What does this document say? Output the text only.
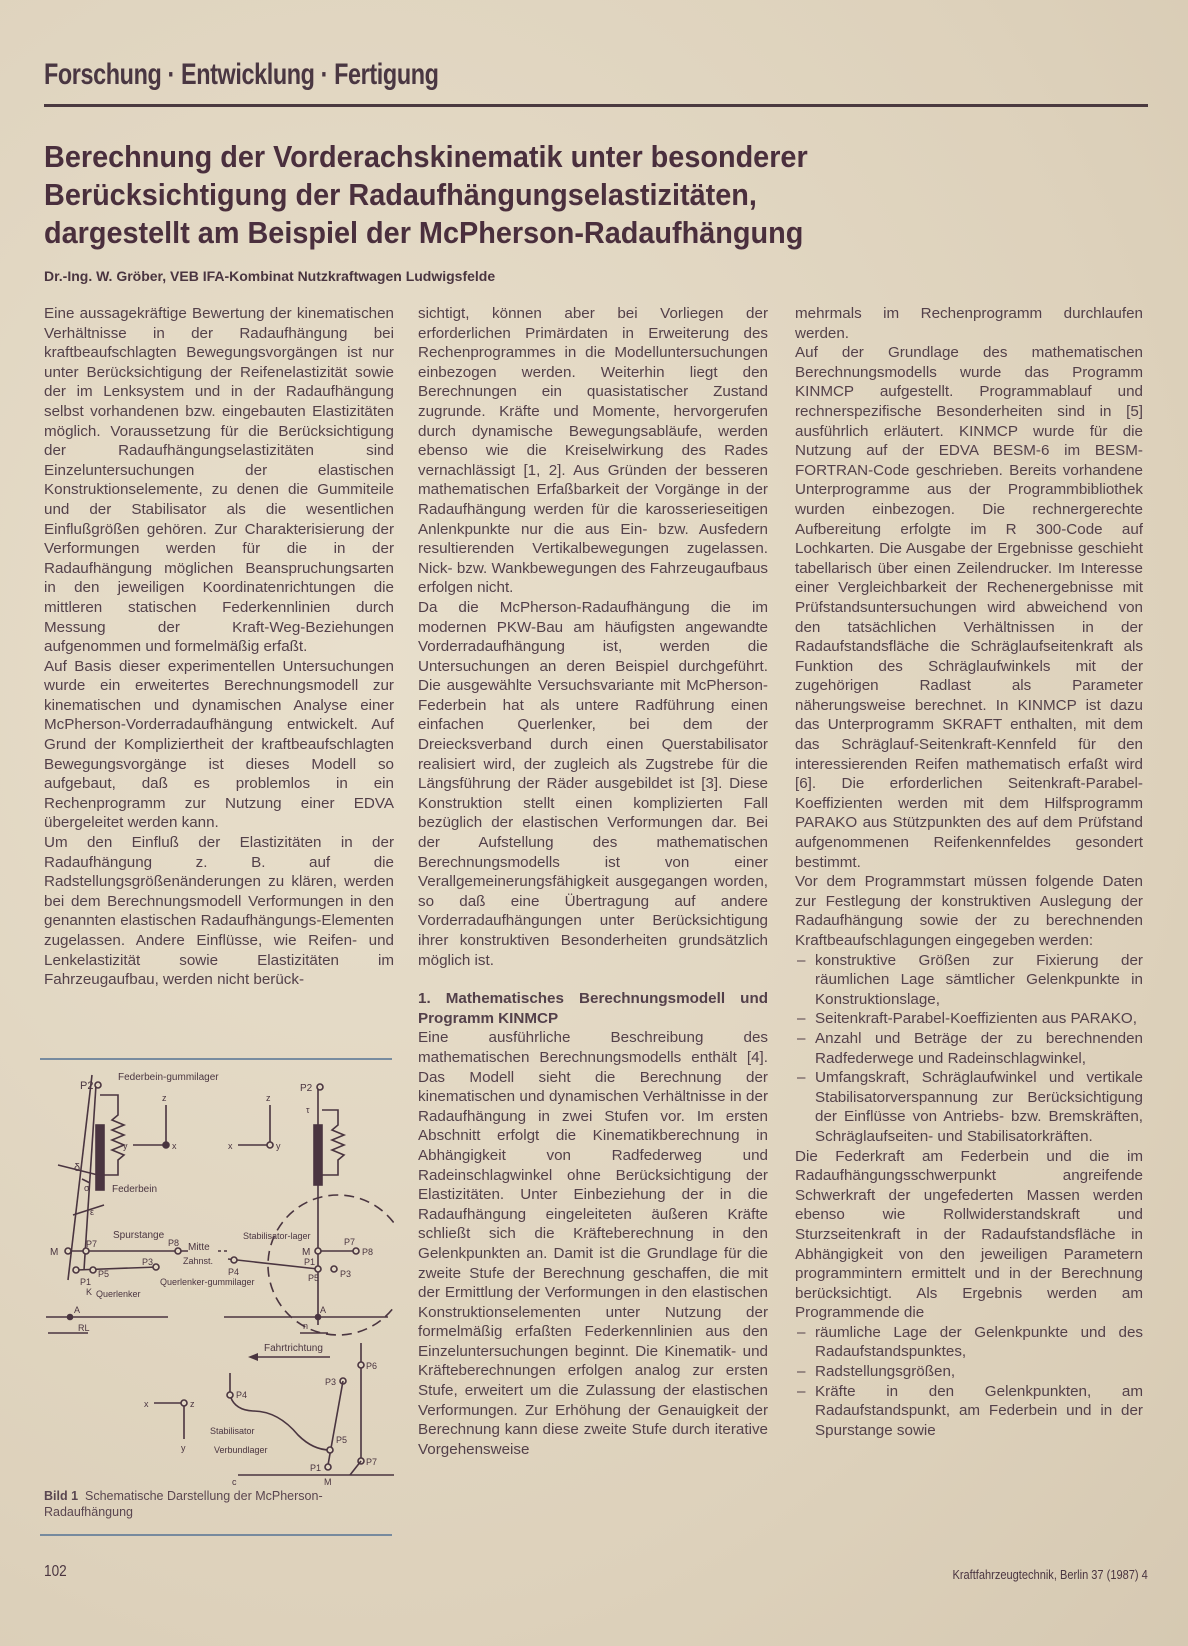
Forschung · Entwicklung · Fertigung
Berechnung der Vorderachskinematik unter besonderer
Berücksichtigung der Radaufhängungselastizitäten,
dargestellt am Beispiel der McPherson-Radaufhängung
Dr.-Ing. W. Gröber, VEB IFA-Kombinat Nutzkraftwagen Ludwigsfelde

Eine aussagekräftige Bewertung der kinematischen Verhältnisse in der Radaufhängung bei kraftbeaufschlagten Bewegungsvorgängen ist nur unter Berücksichtigung der Reifenelastizität sowie der im Lenksystem und in der Radaufhängung selbst vorhandenen bzw. eingebauten Elastizitäten möglich. Voraussetzung für die Berücksichtigung der Radaufhängungselastizitäten sind Einzeluntersuchungen der elastischen Konstruktionselemente, zu denen die Gummiteile und der Stabilisator als die wesentlichen Einflußgrößen gehören. Zur Charakterisierung der Verformungen werden für die in der Radaufhängung möglichen Beanspruchungsarten in den jeweiligen Koordinatenrichtungen die mittleren statischen Federkennlinien durch Messung der Kraft-Weg-Beziehungen aufgenommen und formelmäßig erfaßt.

Auf Basis dieser experimentellen Untersuchungen wurde ein erweitertes Berechnungsmodell zur kinematischen und dynamischen Analyse einer McPherson-Vorderradaufhängung entwickelt. Auf Grund der Kompliziertheit der kraftbeaufschlagten Bewegungsvorgänge ist dieses Modell so aufgebaut, daß es problemlos in ein Rechenprogramm zur Nutzung einer EDVA übergeleitet werden kann.

Um den Einfluß der Elastizitäten in der Radaufhängung z. B. auf die Radstellungsgrößenänderungen zu klären, werden bei dem Berechnungsmodell Verformungen in den genannten elastischen Radaufhängungs-Elementen zugelassen. Andere Einflüsse, wie Reifen- und Lenkelastizität sowie Elastizitäten im Fahrzeugaufbau, werden nicht berück-

P2
Federbein-gummilager
Federbein
δ
σ
ε
M
P7	P8
Spurstange
Mitte
Zahnst.
P1
P5
K
P3
Querlenker
Querlenker-gummilager
A
RL
z
y	x
P2
τ
M
P7
P8
P4
Stabilisator-lager
P1
P5 P3
A
n
z
x	y
Fahrtrichtung
P6
P3
P4
P5
Stabilisator
Verbundlager
P7
P1
M
c
x	z
y
Bild 1 Schematische Darstellung der McPherson-Radaufhängung

sichtigt, können aber bei Vorliegen der erforderlichen Primärdaten in Erweiterung des Rechenprogrammes in die Modelluntersuchungen einbezogen werden. Weiterhin liegt den Berechnungen ein quasistatischer Zustand zugrunde. Kräfte und Momente, hervorgerufen durch dynamische Bewegungsabläufe, werden ebenso wie die Kreiselwirkung des Rades vernachlässigt [1, 2]. Aus Gründen der besseren mathematischen Erfaßbarkeit der Vorgänge in der Radaufhängung werden für die karosserieseitigen Anlenkpunkte nur die aus Ein- bzw. Ausfedern resultierenden Vertikalbewegungen zugelassen. Nick- bzw. Wankbewegungen des Fahrzeugaufbaus erfolgen nicht.

Da die McPherson-Radaufhängung die im modernen PKW-Bau am häufigsten angewandte Vorderradaufhängung ist, werden die Untersuchungen an deren Beispiel durchgeführt. Die ausgewählte Versuchsvariante mit McPherson-Federbein hat als untere Radführung einen einfachen Querlenker, bei dem der Dreiecksverband durch einen Querstabilisator realisiert wird, der zugleich als Zugstrebe für die Längsführung der Räder ausgebildet ist [3]. Diese Konstruktion stellt einen komplizierten Fall bezüglich der elastischen Verformungen dar. Bei der Aufstellung des mathematischen Berechnungsmodells ist von einer Verallgemeinerungsfähigkeit ausgegangen worden, so daß eine Übertragung auf andere Vorderradaufhängungen unter Berücksichtigung ihrer konstruktiven Besonderheiten grundsätzlich möglich ist.

1. Mathematisches Berechnungsmodell und Programm KINMCP

Eine ausführliche Beschreibung des mathematischen Berechnungsmodells enthält [4]. Das Modell sieht die Berechnung der kinematischen und dynamischen Verhältnisse in der Radaufhängung in zwei Stufen vor. Im ersten Abschnitt erfolgt die Kinematikberechnung in Abhängigkeit von Radfederweg und Radeinschlagwinkel ohne Berücksichtigung der Elastizitäten. Unter Einbeziehung der in die Radaufhängung eingeleiteten äußeren Kräfte schließt sich die Kräfteberechnung in den Gelenkpunkten an. Damit ist die Grundlage für die zweite Stufe der Berechnung geschaffen, die mit der Ermittlung der Verformungen in den elastischen Konstruktionselementen unter Nutzung der formelmäßig erfaßten Federkennlinien aus den Einzeluntersuchungen beginnt. Die Kinematik- und Kräfteberechnungen erfolgen analog zur ersten Stufe, erweitert um die Zulassung der elastischen Verformungen. Zur Erhöhung der Genauigkeit der Berechnung kann diese zweite Stufe durch iterative Vorgehensweise

mehrmals im Rechenprogramm durchlaufen werden.

Auf der Grundlage des mathematischen Berechnungsmodells wurde das Programm KINMCP aufgestellt. Programmablauf und rechnerspezifische Besonderheiten sind in [5] ausführlich erläutert. KINMCP wurde für die Nutzung auf der EDVA BESM-6 im BESM-FORTRAN-Code geschrieben. Bereits vorhandene Unterprogramme aus der Programmbibliothek wurden einbezogen. Die rechnergerechte Aufbereitung erfolgte im R 300-Code auf Lochkarten. Die Ausgabe der Ergebnisse geschieht tabellarisch über einen Zeilendrucker. Im Interesse einer Vergleichbarkeit der Rechenergebnisse mit Prüfstandsuntersuchungen wird abweichend von den tatsächlichen Verhältnissen in der Radaufstandsfläche die Schräglaufseitenkraft als Funktion des Schräglaufwinkels mit der zugehörigen Radlast als Parameter näherungsweise berechnet. In KINMCP ist dazu das Unterprogramm SKRAFT enthalten, mit dem das Schräglauf-Seitenkraft-Kennfeld für den interessierenden Reifen mathematisch erfaßt wird [6]. Die erforderlichen Seitenkraft-Parabel-Koeffizienten werden mit dem Hilfsprogramm PARAKO aus Stützpunkten des auf dem Prüfstand aufgenommenen Reifenkennfeldes gesondert bestimmt.

Vor dem Programmstart müssen folgende Daten zur Festlegung der konstruktiven Auslegung der Radaufhängung sowie der zu berechnenden Kraftbeaufschlagungen eingegeben werden:

– konstruktive Größen zur Fixierung der räumlichen Lage sämtlicher Gelenkpunkte in Konstruktionslage,
– Seitenkraft-Parabel-Koeffizienten aus PARAKO,
– Anzahl und Beträge der zu berechnenden Radfederwege und Radeinschlagwinkel,
– Umfangskraft, Schräglaufwinkel und vertikale Stabilisatorverspannung zur Berücksichtigung der Einflüsse von Antriebs- bzw. Bremskräften, Schräglaufseiten- und Stabilisatorkräften.

Die Federkraft am Federbein und die im Radaufhängungsschwerpunkt angreifende Schwerkraft der ungefederten Massen werden ebenso wie Rollwiderstandskraft und Sturzseitenkraft in der Radaufstandsfläche in Abhängigkeit von den jeweiligen Parametern programmintern ermittelt und in der Berechnung berücksichtigt. Als Ergebnis werden am Programmende die

– räumliche Lage der Gelenkpunkte und des Radaufstandspunktes,
– Radstellungsgrößen,
– Kräfte in den Gelenkpunkten, am Radaufstandspunkt, am Federbein und in der Spurstange sowie
102	Kraftfahrzeugtechnik, Berlin 37 (1987) 4
